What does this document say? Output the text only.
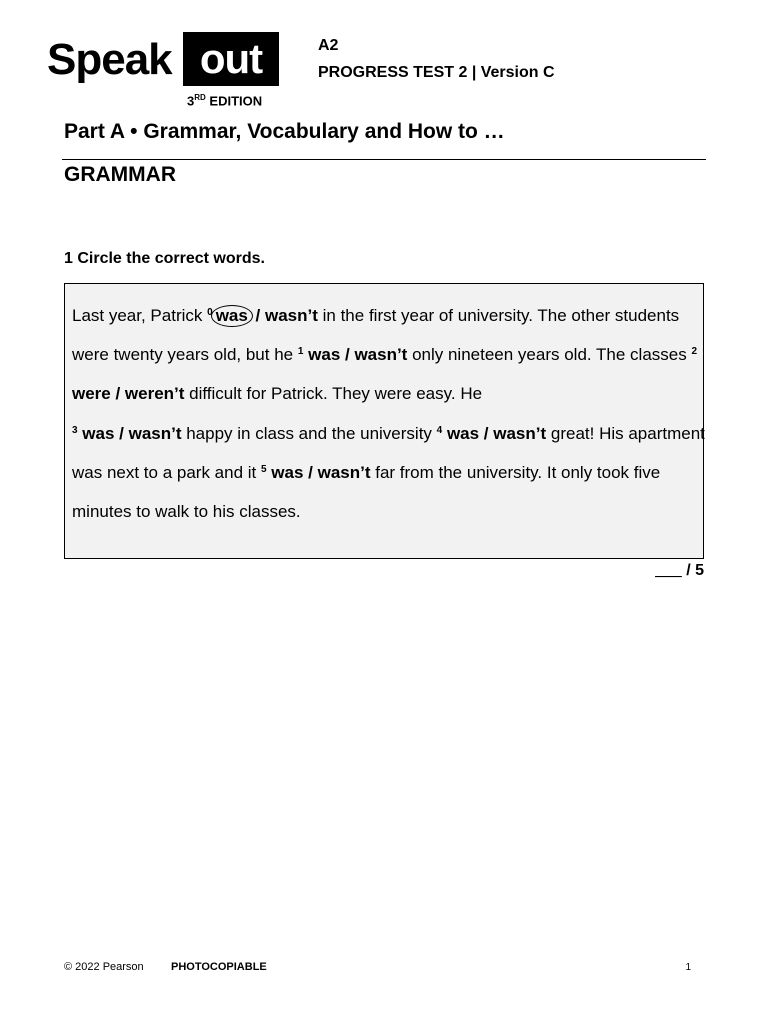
Speak out
3RD EDITION
A2
PROGRESS TEST 2 | Version C
Part A • Grammar, Vocabulary and How to …
GRAMMAR
1 Circle the correct words.

Last year, Patrick $^0$ was / wasn’t in the first year of university. The other students were twenty years old, but he $^1$ was / wasn’t only nineteen years old. The classes $^2$ were / weren’t difficult for Patrick. They were easy. He
$^3$ was / wasn’t happy in class and the university $^4$ was / wasn’t great! His apartment was next to a park and it $^5$ was / wasn’t far from the university. It only took five minutes to walk to his classes.

___ / 5
© 2022 Pearson PHOTOCOPIABLE	1
